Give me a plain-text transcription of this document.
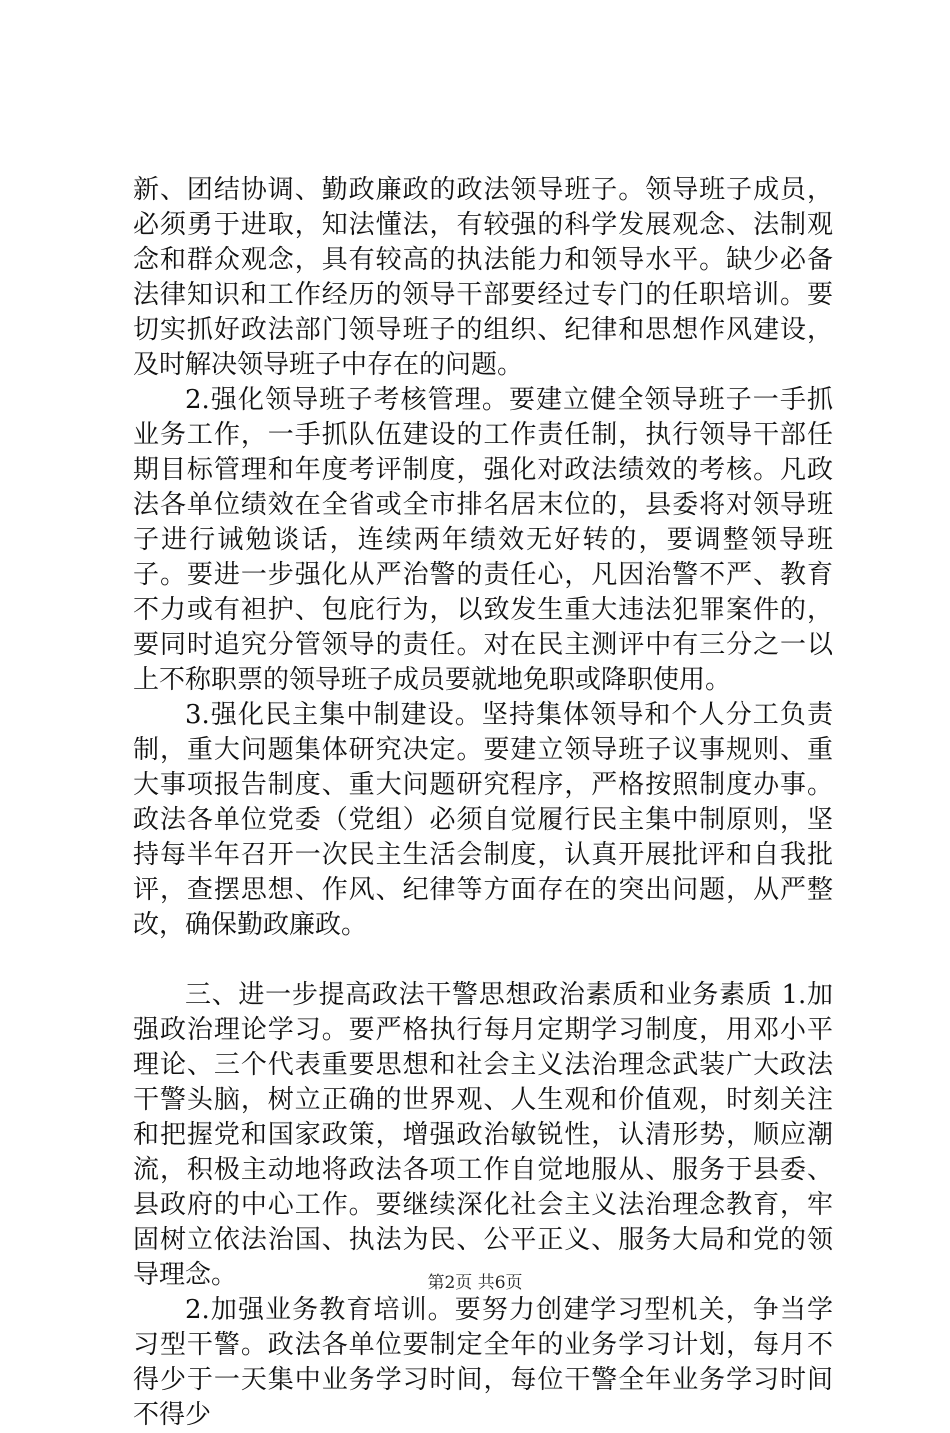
新、团结协调、勤政廉政的政法领导班子。领导班子成员，必须勇于进取，知法懂法，有较强的科学发展观念、法制观念和群众观念，具有较高的执法能力和领导水平。缺少必备法律知识和工作经历的领导干部要经过专门的任职培训。要切实抓好政法部门领导班子的组织、纪律和思想作风建设，及时解决领导班子中存在的问题。

2.强化领导班子考核管理。要建立健全领导班子一手抓业务工作，一手抓队伍建设的工作责任制，执行领导干部任期目标管理和年度考评制度，强化对政法绩效的考核。凡政法各单位绩效在全省或全市排名居末位的，县委将对领导班子进行诫勉谈话，连续两年绩效无好转的，要调整领导班子。要进一步强化从严治警的责任心，凡因治警不严、教育不力或有袒护、包庇行为，以致发生重大违法犯罪案件的，要同时追究分管领导的责任。对在民主测评中有三分之一以上不称职票的领导班子成员要就地免职或降职使用。

3.强化民主集中制建设。坚持集体领导和个人分工负责制，重大问题集体研究决定。要建立领导班子议事规则、重大事项报告制度、重大问题研究程序，严格按照制度办事。政法各单位党委（党组）必须自觉履行民主集中制原则，坚持每半年召开一次民主生活会制度，认真开展批评和自我批评，查摆思想、作风、纪律等方面存在的突出问题，从严整改，确保勤政廉政。

三、进一步提高政法干警思想政治素质和业务素质 1.加强政治理论学习。要严格执行每月定期学习制度，用邓小平理论、三个代表重要思想和社会主义法治理念武装广大政法干警头脑，树立正确的世界观、人生观和价值观，时刻关注和把握党和国家政策，增强政治敏锐性，认清形势，顺应潮流，积极主动地将政法各项工作自觉地服从、服务于县委、县政府的中心工作。要继续深化社会主义法治理念教育，牢固树立依法治国、执法为民、公平正义、服务大局和党的领导理念。

2.加强业务教育培训。要努力创建学习型机关，争当学习型干警。政法各单位要制定全年的业务学习计划，每月不得少于一天集中业务学习时间，每位干警全年业务学习时间不得少

第2页 共6页
